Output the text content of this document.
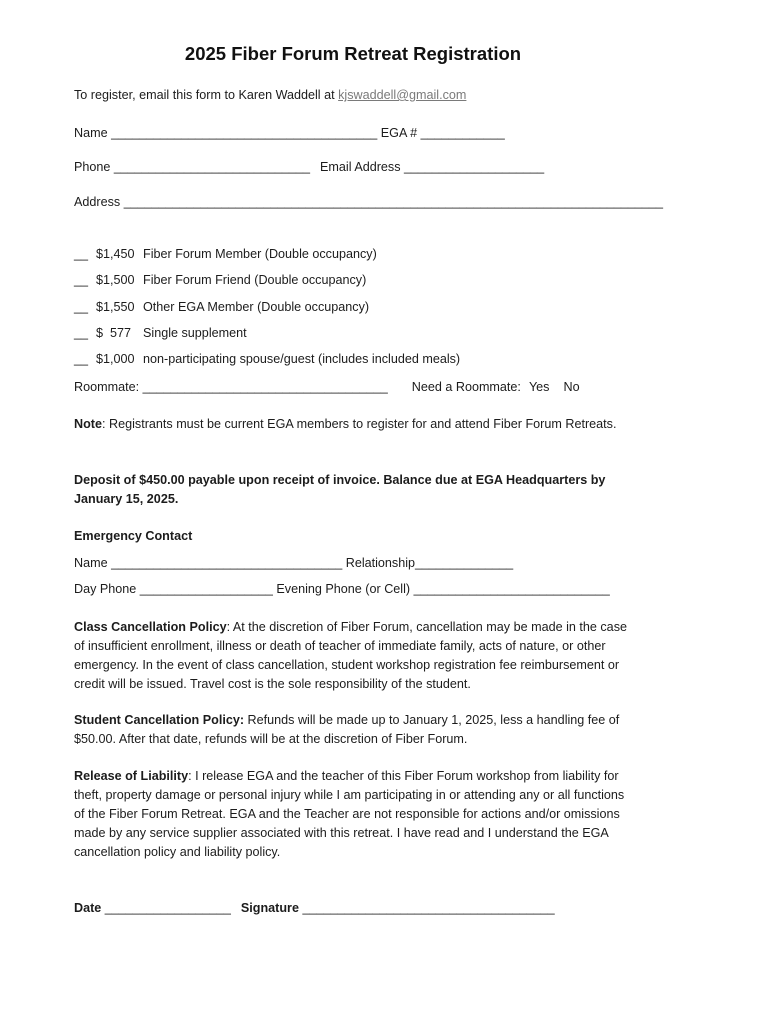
2025 Fiber Forum Retreat Registration
To register, email this form to Karen Waddell at kjswaddell@gmail.com
Name ______________________________________ EGA # ____________
Phone ____________________________ Email Address ____________________
Address _____________________________________________________________________________
__ $1,450 Fiber Forum Member (Double occupancy)
__ $1,500 Fiber Forum Friend (Double occupancy)
__ $1,550 Other EGA Member (Double occupancy)
__ $  577 Single supplement
__ $1,000 non-participating spouse/guest (includes included meals)
Roommate: ___________________________________ Need a Roommate: Yes No
Note: Registrants must be current EGA members to register for and attend Fiber Forum Retreats.
Deposit of $450.00 payable upon receipt of invoice. Balance due at EGA Headquarters by January 15, 2025.
Emergency Contact
Name _________________________________ Relationship______________
Day Phone ___________________ Evening Phone (or Cell) ____________________________
Class Cancellation Policy: At the discretion of Fiber Forum, cancellation may be made in the case of insufficient enrollment, illness or death of teacher of immediate family, acts of nature, or other emergency. In the event of class cancellation, student workshop registration fee reimbursement or credit will be issued. Travel cost is the sole responsibility of the student.
Student Cancellation Policy: Refunds will be made up to January 1, 2025, less a handling fee of $50.00. After that date, refunds will be at the discretion of Fiber Forum.
Release of Liability: I release EGA and the teacher of this Fiber Forum workshop from liability for theft, property damage or personal injury while I am participating in or attending any or all functions of the Fiber Forum Retreat. EGA and the Teacher are not responsible for actions and/or omissions made by any service supplier associated with this retreat. I have read and I understand the EGA cancellation policy and liability policy.
Date __________________ Signature ____________________________________
